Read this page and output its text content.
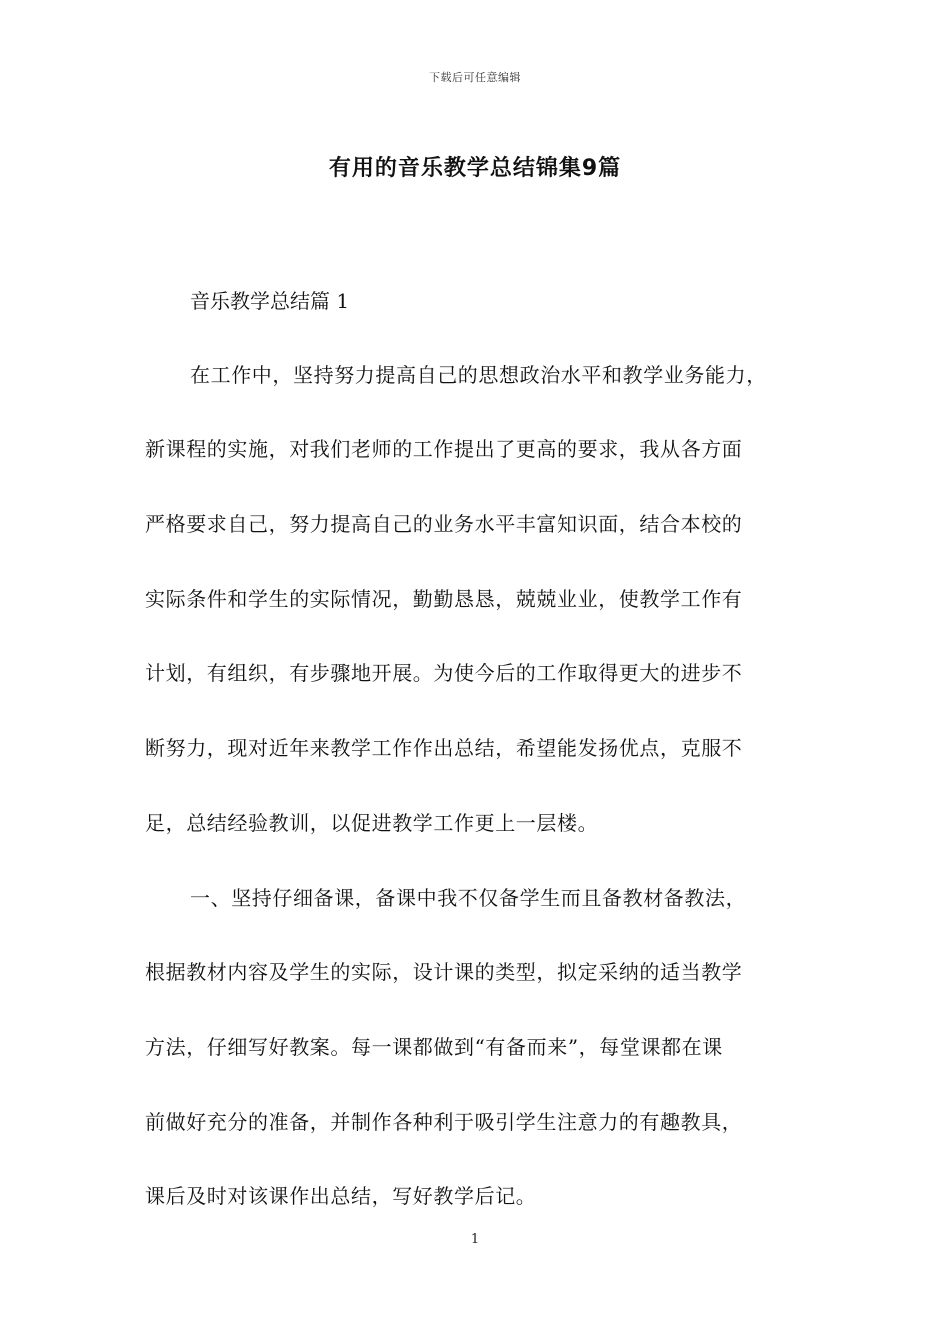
下载后可任意编辑
有用的音乐教学总结锦集9篇
音乐教学总结篇 1
在工作中，坚持努力提高自己的思想政治水平和教学业务能力，
新课程的实施，对我们老师的工作提出了更高的要求，我从各方面
严格要求自己，努力提高自己的业务水平丰富知识面，结合本校的
实际条件和学生的实际情况，勤勤恳恳，兢兢业业，使教学工作有
计划，有组织，有步骤地开展。为使今后的工作取得更大的进步不
断努力，现对近年来教学工作作出总结，希望能发扬优点，克服不
足，总结经验教训，以促进教学工作更上一层楼。
一、坚持仔细备课，备课中我不仅备学生而且备教材备教法，
根据教材内容及学生的实际，设计课的类型，拟定采纳的适当教学
方法，仔细写好教案。每一课都做到“有备而来”，每堂课都在课
前做好充分的准备，并制作各种利于吸引学生注意力的有趣教具，
课后及时对该课作出总结，写好教学后记。
1
